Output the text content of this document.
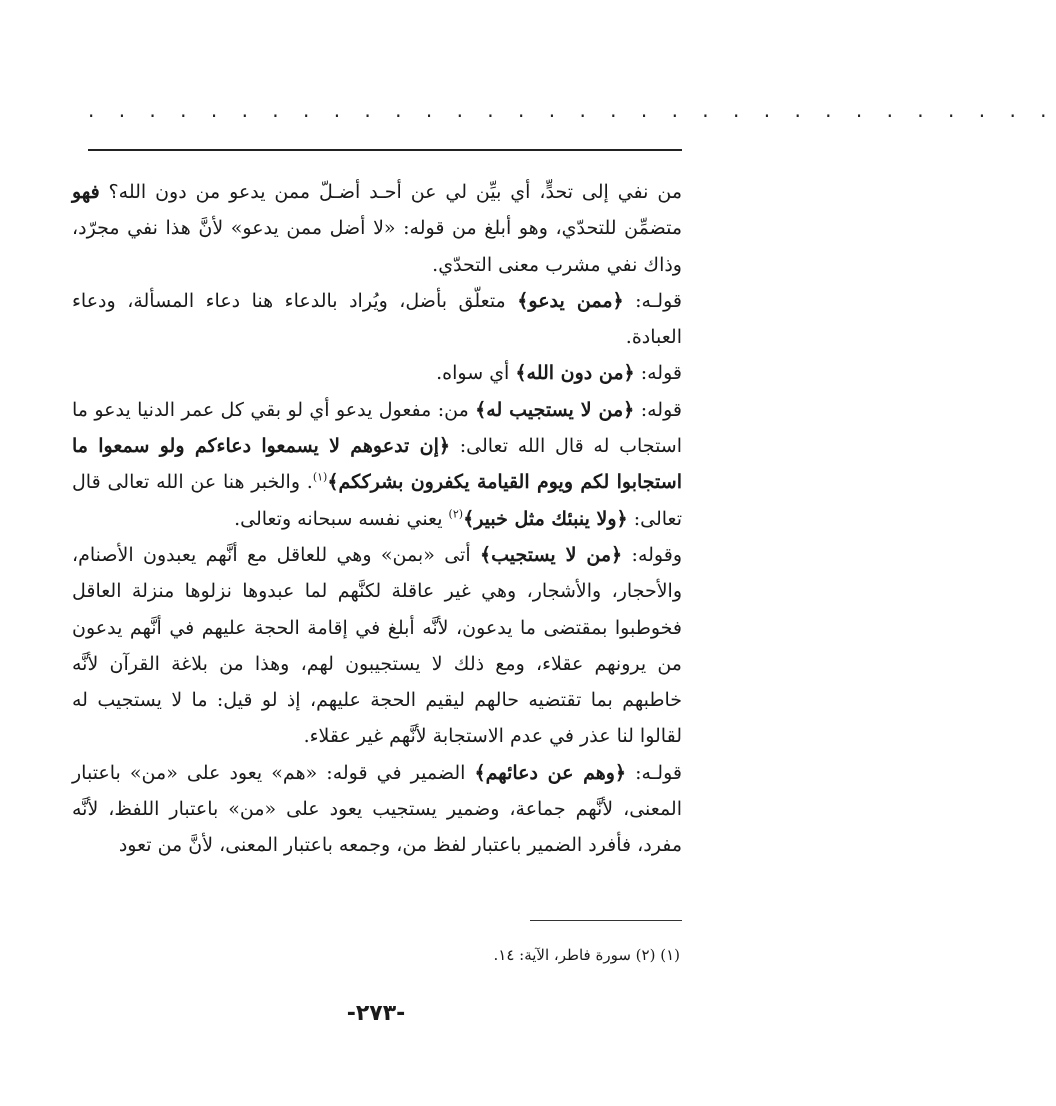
. . . . . . . . . . . . . . . . . . . . . . . . . . . . . . . .

من نفي إلى تحدٍّ، أي بيِّن لي عن أحـد أضـلّ ممن يدعو من دون الله؟ فهو متضمِّن للتحدّي، وهو أبلغ من قوله: «لا أضل ممن يدعو» لأنَّ هذا نفي مجرّد، وذاك نفي مشرب معنى التحدّي.

قولـه: ﴿ممن يدعو﴾ متعلّق بأضل، ويُراد بالدعاء هنا دعاء المسألة، ودعاء العبادة.

قوله: ﴿من دون الله﴾ أي سواه.

قوله: ﴿من لا يستجيب له﴾ من: مفعول يدعو أي لو بقي كل عمر الدنيا يدعو ما استجاب له قال الله تعالى: ﴿إن تدعوهم لا يسمعوا دعاءكم ولو سمعوا ما استجابوا لكم ويوم القيامة يكفرون بشرككم﴾$^{(١)}$. والخبر هنا عن الله تعالى قال تعالى: ﴿ولا ينبئك مثل خبير﴾$^{(٢)}$ يعني نفسه سبحانه وتعالى.

وقوله: ﴿من لا يستجيب﴾ أتى «بمن» وهي للعاقل مع أنَّهم يعبدون الأصنام، والأحجار، والأشجار، وهي غير عاقلة لكنَّهم لما عبدوها نزلوها منزلة العاقل فخوطبوا بمقتضى ما يدعون، لأنَّه أبلغ في إقامة الحجة عليهم في أنَّهم يدعون من يرونهم عقلاء، ومع ذلك لا يستجيبون لهم، وهذا من بلاغة القرآن لأنَّه خاطبهم بما تقتضيه حالهم ليقيم الحجة عليهم، إذ لو قيل: ما لا يستجيب له لقالوا لنا عذر في عدم الاستجابة لأنَّهم غير عقلاء.

قولـه: ﴿وهم عن دعائهم﴾ الضمير في قوله: «هم» يعود على «من» باعتبار المعنى، لأنَّهم جماعة، وضمير يستجيب يعود على «من» باعتبار اللفظ، لأنَّه مفرد، فأفرد الضمير باعتبار لفظ من، وجمعه باعتبار المعنى، لأنَّ من تعود

(١) (٢) سورة فاطر، الآية: ١٤.
-٢٧٣-
